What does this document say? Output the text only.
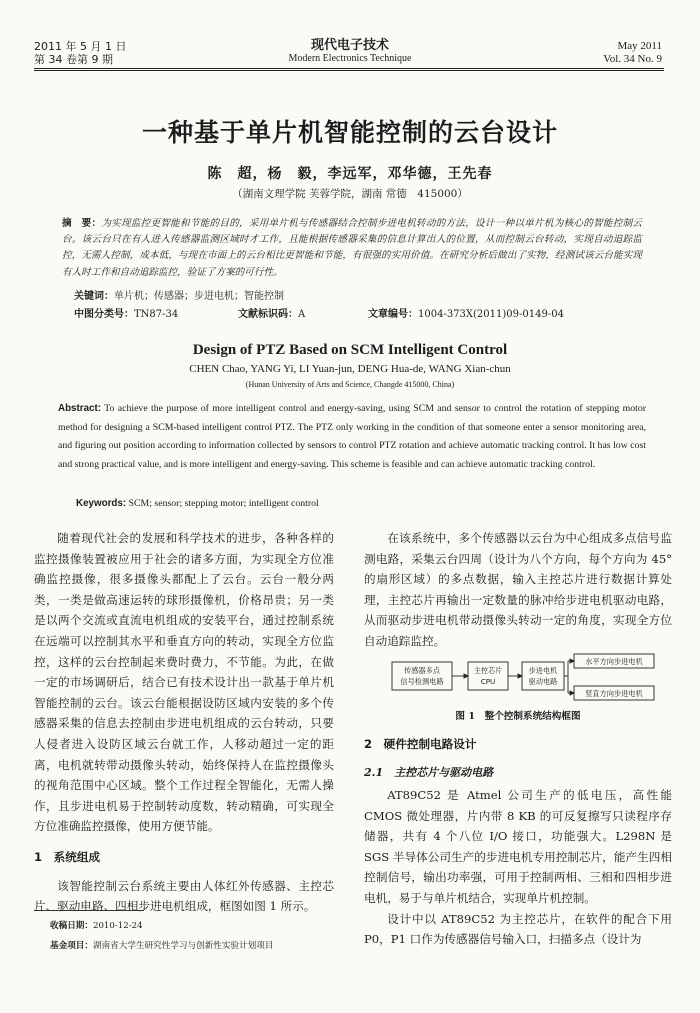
2011 年 5 月 1 日
第 34 卷第 9 期
现代电子技术
Modern Electronics Technique
May 2011
Vol. 34 No. 9
一种基于单片机智能控制的云台设计
陈　超，杨　毅，李远军，邓华德，王先春
（湖南文理学院 芙蓉学院，湖南 常德　415000）
摘　要：为实现监控更智能和节能的目的，采用单片机与传感器结合控制步进电机转动的方法，设计一种以单片机为核心的智能控制云台。该云台只在有人进入传感器监测区域时才工作，且能根据传感器采集的信息计算出人的位置，从而控制云台转动，实现自动追踪监控，无需人控制，成本低，与现在市面上的云台相比更智能和节能，有很强的实用价值。在研究分析后做出了实物，经测试该云台能实现有人时工作和自动追踪监控，验证了方案的可行性。
关键词：单片机；传感器；步进电机；智能控制
中图分类号：TN87-34	文献标识码：A	文章编号：1004-373X(2011)09-0149-04
Design of PTZ Based on SCM Intelligent Control
CHEN Chao, YANG Yi, LI Yuan-jun, DENG Hua-de, WANG Xian-chun
(Hunan University of Arts and Science, Changde 415000, China)
Abstract: To achieve the purpose of more intelligent control and energy-saving, using SCM and sensor to control the rotation of stepping motor method for designing a SCM-based intelligent control PTZ. The PTZ only working in the condition of that someone enter a sensor monitoring area, and figuring out position according to information collected by sensors to control PTZ rotation and achieve automatic tracking control. It has low cost and strong practical value, and is more intelligent and energy-saving. This scheme is feasible and can achieve automatic tracking control.
Keywords: SCM; sensor; stepping motor; intelligent control

随着现代社会的发展和科学技术的进步，各种各样的监控摄像装置被应用于社会的诸多方面，为实现全方位准确监控摄像，很多摄像头都配上了云台。云台一般分两类，一类是做高速运转的球形摄像机，价格昂贵；另一类是以两个交流或直流电机组成的安装平台，通过控制系统在远端可以控制其水平和垂直方向的转动，实现全方位监控，这样的云台控制起来费时费力，不节能。为此，在做一定的市场调研后，结合已有技术设计出一款基于单片机智能控制的云台。该云台能根据设防区域内安装的多个传感器采集的信息去控制由步进电机组成的云台转动，只要人侵者进入设防区域云台就工作，人移动超过一定的距离，电机就转带动摄像头转动，始终保持人在监控摄像头的视角范围中心区域。整个工作过程全智能化，无需人操作，且步进电机易于控制转动度数，转动精确，可实现全方位准确监控摄像，使用方便节能。

1　系统组成

该智能控制云台系统主要由人体红外传感器、主控芯片、驱动电路、四相步进电机组成，框图如图 1 所示。

在该系统中，多个传感器以云台为中心组成多点信号监测电路，采集云台四周（设计为八个方向，每个方向为 45°的扇形区域）的多点数据，输入主控芯片进行数据计算处理，主控芯片再输出一定数量的脉冲给步进电机驱动电路，从而驱动步进电机带动摄像头转动一定的角度，实现全方位自动追踪监控。

传感器多点
信号检测电路
主控芯片
CPU
步进电机
驱动电路
水平方向步进电机
竖直方向步进电机
图 1　整个控制系统结构框图
2　硬件控制电路设计
2.1　主控芯片与驱动电路

AT89C52 是 Atmel 公司生产的低电压，高性能 CMOS 微处理器，片内带 8 KB 的可反复擦写只读程序存储器，共有 4 个八位 I/O 接口，功能强大。L298N 是 SGS 半导体公司生产的步进电机专用控制芯片，能产生四相控制信号，输出功率强，可用于控制两相、三相和四相步进电机，易于与单片机结合，实现单片机控制。

设计中以 AT89C52 为主控芯片，在软件的配合下用 P0，P1 口作为传感器信号输入口，扫描多点（设计为

收稿日期：2010-12-24
基金项目：湖南省大学生研究性学习与创新性实验计划项目
